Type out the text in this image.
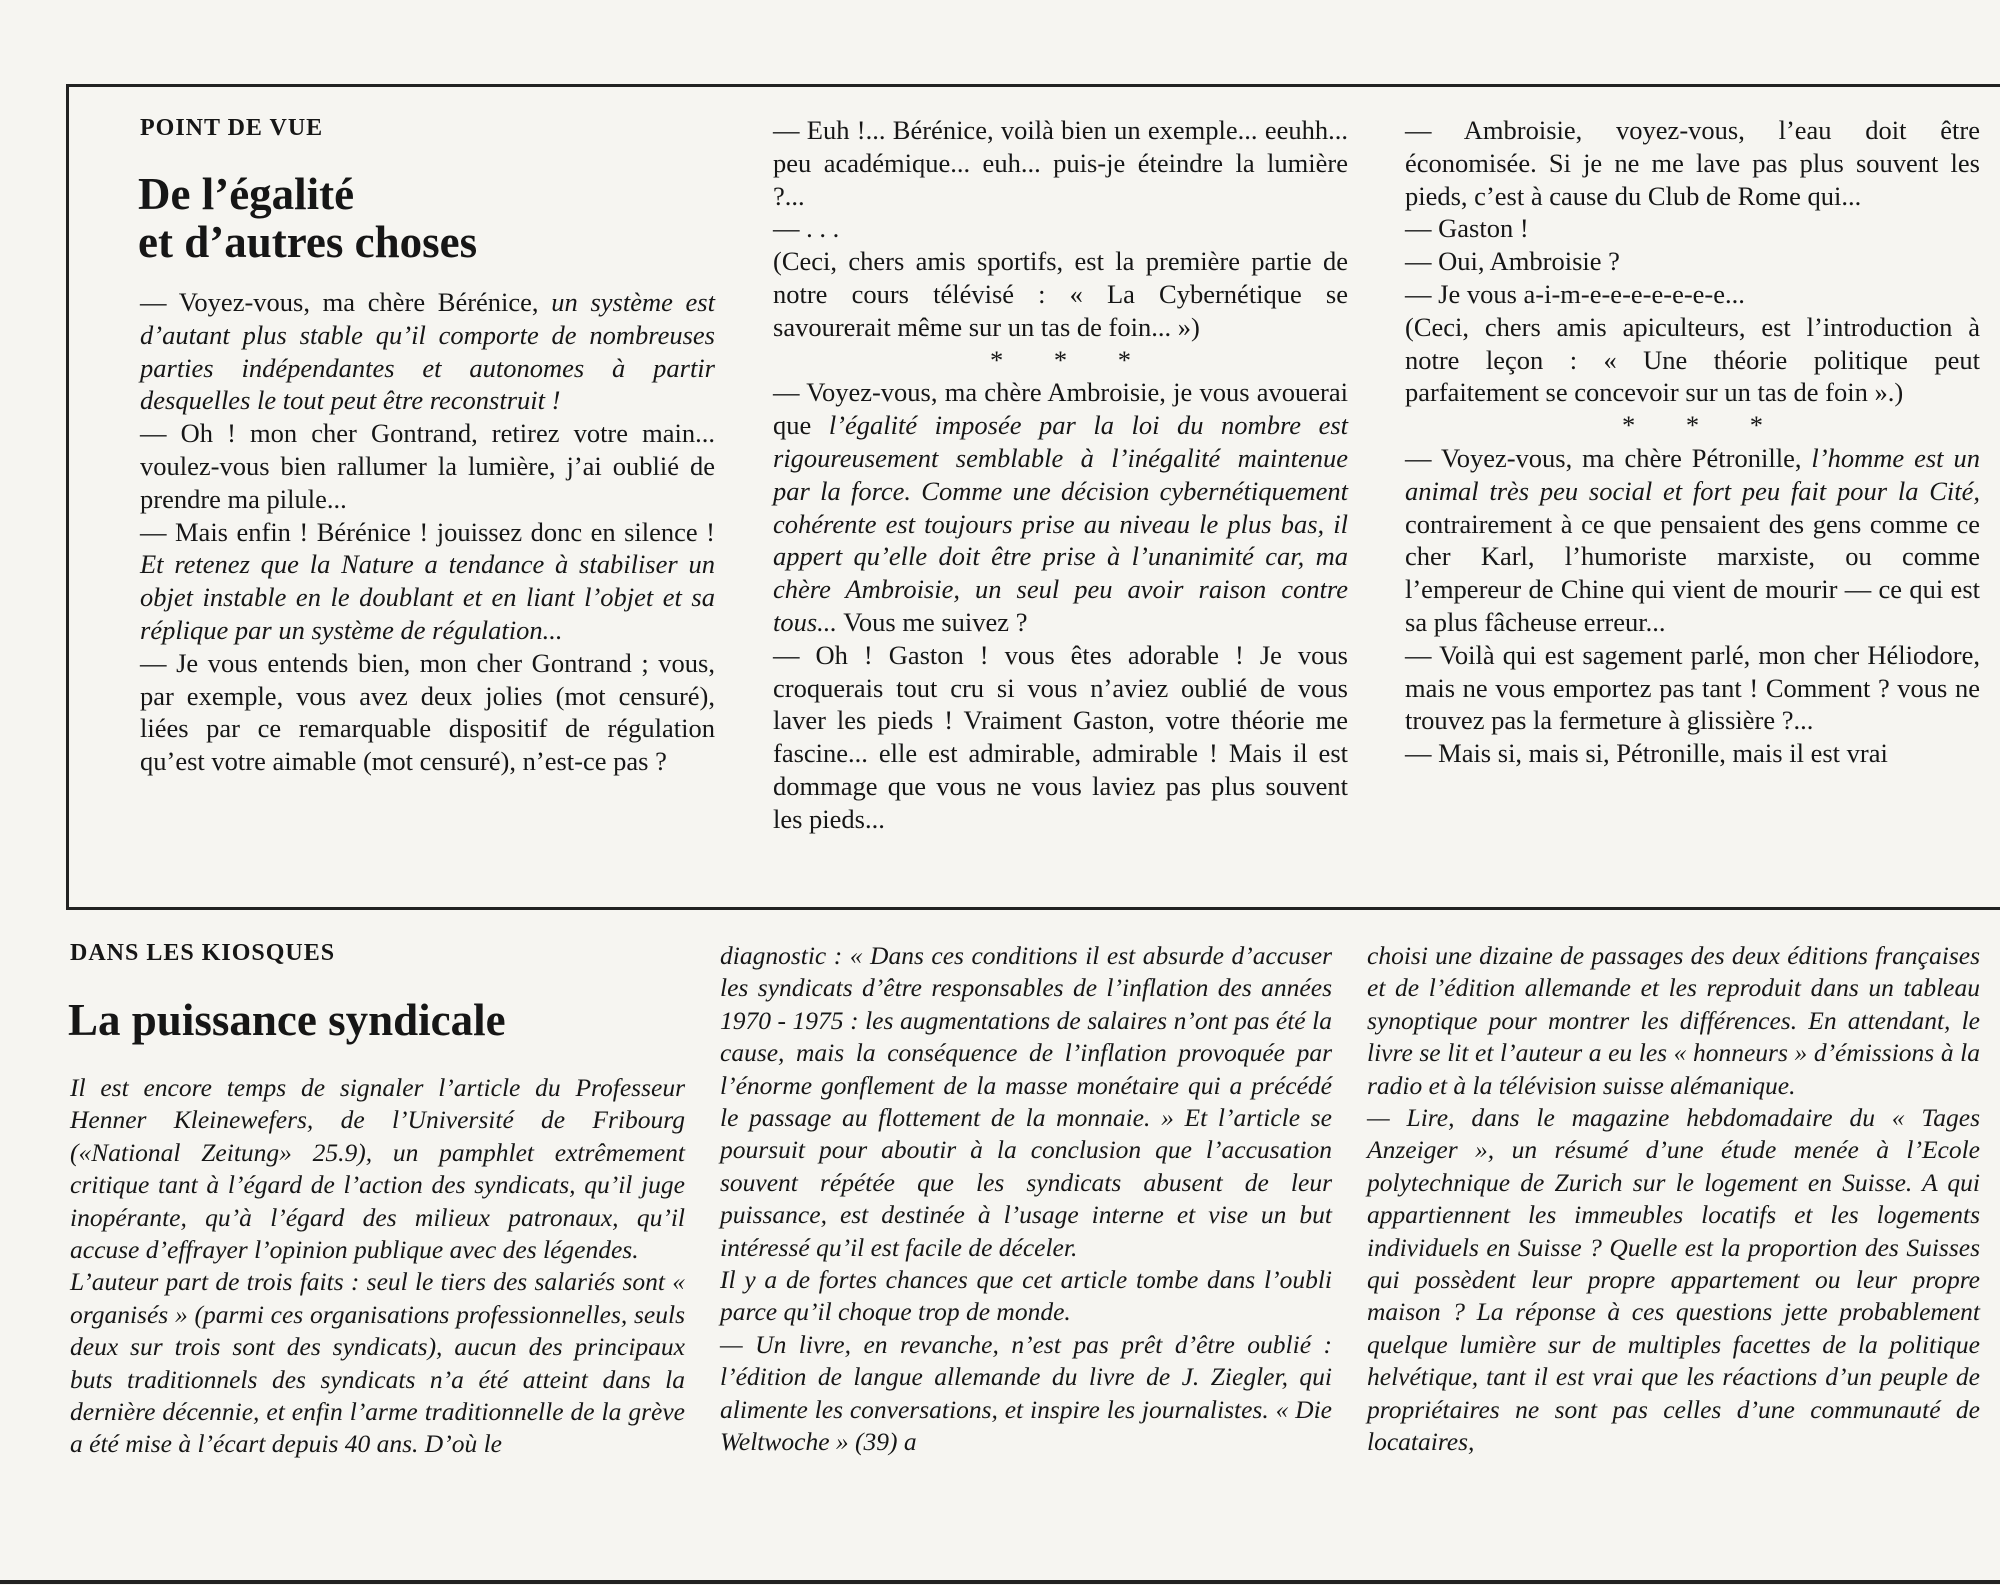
POINT DE VUE
De l’égalité
et d’autres choses

— Voyez-vous, ma chère Bérénice, un système est d’autant plus stable qu’il comporte de nombreuses parties indépendantes et autonomes à partir desquelles le tout peut être reconstruit !

— Oh ! mon cher Gontrand, retirez votre main... voulez-vous bien rallumer la lumière, j’ai oublié de prendre ma pilule...

— Mais enfin ! Bérénice ! jouissez donc en silence ! Et retenez que la Nature a tendance à stabiliser un objet instable en le doublant et en liant l’objet et sa réplique par un système de régulation...

— Je vous entends bien, mon cher Gontrand ; vous, par exemple, vous avez deux jolies (mot censuré), liées par ce remarquable dispositif de régulation qu’est votre aimable (mot censuré), n’est-ce pas ?

— Euh !... Bérénice, voilà bien un exemple... eeuhh... peu académique... euh... puis-je éteindre la lumière ?...

— . . .

(Ceci, chers amis sportifs, est la première partie de notre cours télévisé : « La Cybernétique se savourerait même sur un tas de foin... »)

* * *

— Voyez-vous, ma chère Ambroisie, je vous avouerai que l’égalité imposée par la loi du nombre est rigoureusement semblable à l’inégalité maintenue par la force. Comme une décision cybernétiquement cohérente est toujours prise au niveau le plus bas, il appert qu’elle doit être prise à l’unanimité car, ma chère Ambroisie, un seul peu avoir raison contre tous... Vous me suivez ?

— Oh ! Gaston ! vous êtes adorable ! Je vous croquerais tout cru si vous n’aviez oublié de vous laver les pieds ! Vraiment Gaston, votre théorie me fascine... elle est admirable, admirable ! Mais il est dommage que vous ne vous laviez pas plus souvent les pieds...

— Ambroisie, voyez-vous, l’eau doit être économisée. Si je ne me lave pas plus souvent les pieds, c’est à cause du Club de Rome qui...

— Gaston !

— Oui, Ambroisie ?

— Je vous a-i-m-e-e-e-e-e-e-e...

(Ceci, chers amis apiculteurs, est l’introduction à notre leçon : « Une théorie politique peut parfaitement se concevoir sur un tas de foin ».)

* * *

— Voyez-vous, ma chère Pétronille, l’homme est un animal très peu social et fort peu fait pour la Cité, contrairement à ce que pensaient des gens comme ce cher Karl, l’humoriste marxiste, ou comme l’empereur de Chine qui vient de mourir — ce qui est sa plus fâcheuse erreur...

— Voilà qui est sagement parlé, mon cher Héliodore, mais ne vous emportez pas tant ! Comment ? vous ne trouvez pas la fermeture à glissière ?...

— Mais si, mais si, Pétronille, mais il est vrai

DANS LES KIOSQUES
La puissance syndicale

Il est encore temps de signaler l’article du Professeur Henner Kleinewefers, de l’Université de Fribourg («National Zeitung» 25.9), un pamphlet extrêmement critique tant à l’égard de l’action des syndicats, qu’il juge inopérante, qu’à l’égard des milieux patronaux, qu’il accuse d’effrayer l’opinion publique avec des légendes.

L’auteur part de trois faits : seul le tiers des salariés sont « organisés » (parmi ces organisations professionnelles, seuls deux sur trois sont des syndicats), aucun des principaux buts traditionnels des syndicats n’a été atteint dans la dernière décennie, et enfin l’arme traditionnelle de la grève a été mise à l’écart depuis 40 ans. D’où le

diagnostic : « Dans ces conditions il est absurde d’accuser les syndicats d’être responsables de l’inflation des années 1970 - 1975 : les augmentations de salaires n’ont pas été la cause, mais la conséquence de l’inflation provoquée par l’énorme gonflement de la masse monétaire qui a précédé le passage au flottement de la monnaie. » Et l’article se poursuit pour aboutir à la conclusion que l’accusation souvent répétée que les syndicats abusent de leur puissance, est destinée à l’usage interne et vise un but intéressé qu’il est facile de déceler.

Il y a de fortes chances que cet article tombe dans l’oubli parce qu’il choque trop de monde.

— Un livre, en revanche, n’est pas prêt d’être oublié : l’édition de langue allemande du livre de J. Ziegler, qui alimente les conversations, et inspire les journalistes. « Die Weltwoche » (39) a

choisi une dizaine de passages des deux éditions françaises et de l’édition allemande et les reproduit dans un tableau synoptique pour montrer les différences. En attendant, le livre se lit et l’auteur a eu les « honneurs » d’émissions à la radio et à la télévision suisse alémanique.

— Lire, dans le magazine hebdomadaire du « Tages Anzeiger », un résumé d’une étude menée à l’Ecole polytechnique de Zurich sur le logement en Suisse. A qui appartiennent les immeubles locatifs et les logements individuels en Suisse ? Quelle est la proportion des Suisses qui possèdent leur propre appartement ou leur propre maison ? La réponse à ces questions jette probablement quelque lumière sur de multiples facettes de la politique helvétique, tant il est vrai que les réactions d’un peuple de propriétaires ne sont pas celles d’une communauté de locataires,
